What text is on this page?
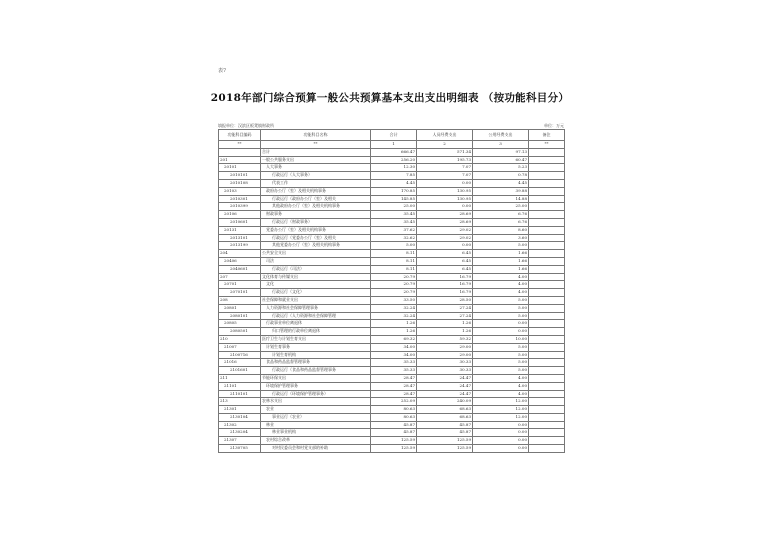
表7
2018年部门综合预算一般公共预算基本支出支出明细表 （按功能科目分）
填报单位：汉滨区板凳镇财政所	单位：万元
功能科目编码	功能科目名称	合计	人员经费支出	公用经费支出	备注
**	**	1	2	3	**
	合计	666.47	571.34	97.13	
201	一般公共服务支出	256.20	195.73	60.47	
20101	人大事务	12.30	7.07	5.23	
2010101	行政运行（人大事务）	7.85	7.07	0.78	
2010108	代表工作	4.45	0.00	4.45	
20103	政府办公厅（室）及相关机构事务	170.85	130.95	39.88	
2010301	行政运行（政府办公厅（室）及相关	145.85	130.95	14.88	
2010399	其他政府办公厅（室）及相关机构事务	25.00	0.00	25.00	
20106	财政事务	35.45	28.69	6.76	
2010601	行政运行（财政事务）	35.45	28.69	6.76	
20131	党委办公厅（室）及相关机构事务	37.62	29.02	8.60	
2013101	行政运行（党委办公厅（室）及相关	32.62	29.02	3.60	
2013199	其他党委办公厅（室）及相关机构事务	5.00	0.00	5.00	
204	公共安全支出	8.11	6.45	1.66	
20406	司法	8.11	6.45	1.66	
2040601	行政运行（司法）	8.11	6.45	1.66	
207	文化体育与传媒支出	20.79	16.79	4.00	
20701	文化	20.79	16.79	4.00	
2070101	行政运行（文化）	20.79	16.79	4.00	
208	社会保障和就业支出	33.50	28.50	5.00	
20801	人力资源和社会保障管理事务	32.24	27.24	5.00	
2080101	行政运行（人力资源和社会保障管理	32.24	27.24	5.00	
20805	行政事业单位离退休	1.26	1.26	0.00	
2080501	归口管理的行政单位离退休	1.26	1.26	0.00	
210	医疗卫生与计划生育支出	69.32	59.32	10.00	
21007	计划生育事务	34.00	29.00	5.00	
2100716	计划生育机构	34.00	29.00	5.00	
21016	食品和药品监督管理事务	35.33	30.33	5.00	
2101601	行政运行（食品和药品监督管理事务	35.33	30.33	5.00	
211	节能环保支出	28.47	24.47	4.00	
21101	环境保护管理事务	28.47	24.47	4.00	
2110101	行政运行（环境保护管理事务）	28.47	24.47	4.00	
213	农林水支出	252.09	240.09	12.00	
21301	农业	80.63	68.63	12.00	
2130104	事业运行（农业）	80.63	68.63	12.00	
21302	林业	45.87	45.87	0.00	
2130204	林业事业机构	45.87	45.87	0.00	
21307	农村综合改革	125.59	125.59	0.00	
2130705	对村民委员会和村党支部的补助	125.59	125.59	0.00	
